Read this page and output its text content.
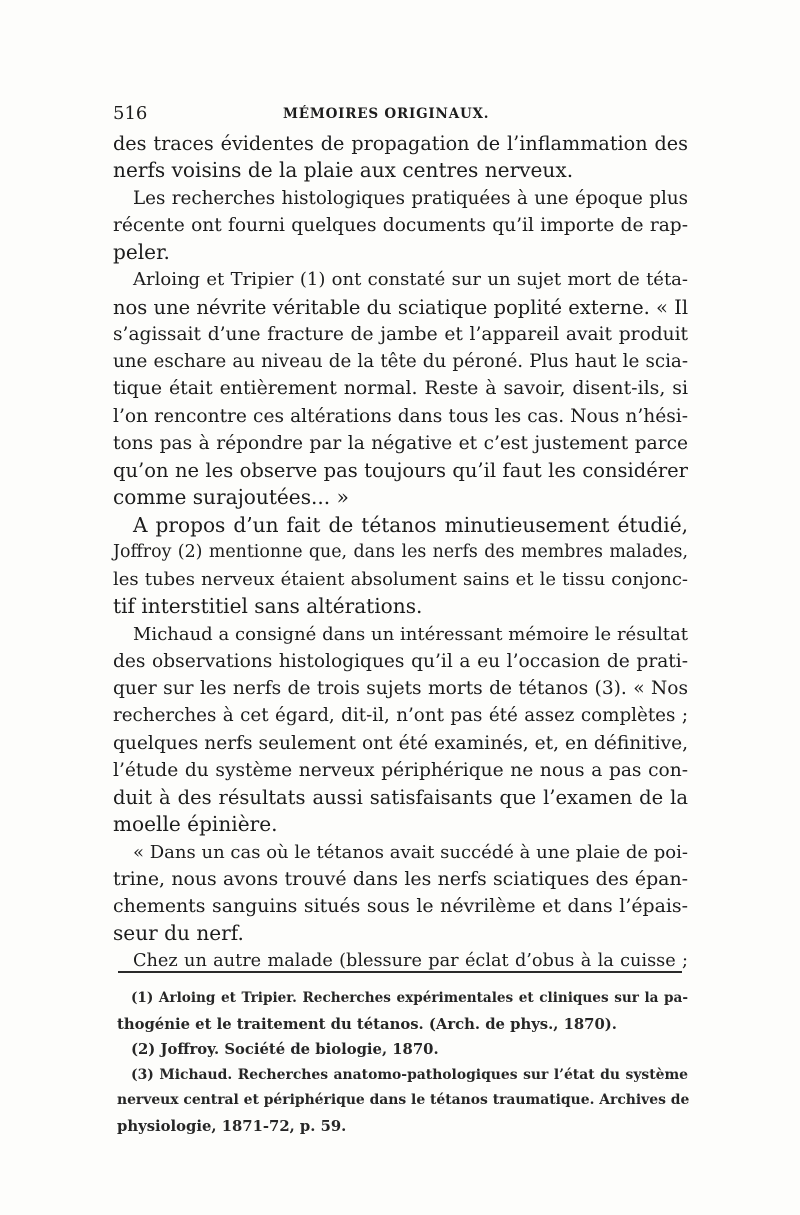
516	MÉMOIRES ORIGINAUX.
des traces évidentes de propagation de l’inflammation des
nerfs voisins de la plaie aux centres nerveux.
Les recherches histologiques pratiquées à une époque plus
récente ont fourni quelques documents qu’il importe de rap-
peler.
Arloing et Tripier (1) ont constaté sur un sujet mort de téta-
nos une névrite véritable du sciatique poplité externe. « Il
s’agissait d’une fracture de jambe et l’appareil avait produit
une eschare au niveau de la tête du péroné. Plus haut le scia-
tique était entièrement normal. Reste à savoir, disent-ils, si
l’on rencontre ces altérations dans tous les cas. Nous n’hési-
tons pas à répondre par la négative et c’est justement parce
qu’on ne les observe pas toujours qu’il faut les considérer
comme surajoutées... »
A propos d’un fait de tétanos minutieusement étudié,
Joffroy (2) mentionne que, dans les nerfs des membres malades,
les tubes nerveux étaient absolument sains et le tissu conjonc-
tif interstitiel sans altérations.
Michaud a consigné dans un intéressant mémoire le résultat
des observations histologiques qu’il a eu l’occasion de prati-
quer sur les nerfs de trois sujets morts de tétanos (3). « Nos
recherches à cet égard, dit-il, n’ont pas été assez complètes ;
quelques nerfs seulement ont été examinés, et, en définitive,
l’étude du système nerveux périphérique ne nous a pas con-
duit à des résultats aussi satisfaisants que l’examen de la
moelle épinière.
« Dans un cas où le tétanos avait succédé à une plaie de poi-
trine, nous avons trouvé dans les nerfs sciatiques des épan-
chements sanguins situés sous le névrilème et dans l’épais-
seur du nerf.
Chez un autre malade (blessure par éclat d’obus à la cuisse ;
(1) Arloing et Tripier. Recherches expérimentales et cliniques sur la pa-
thogénie et le traitement du tétanos. (Arch. de phys., 1870).
(2) Joffroy. Société de biologie, 1870.
(3) Michaud. Recherches anatomo-pathologiques sur l’état du système
nerveux central et périphérique dans le tétanos traumatique. Archives de
physiologie, 1871-72, p. 59.
